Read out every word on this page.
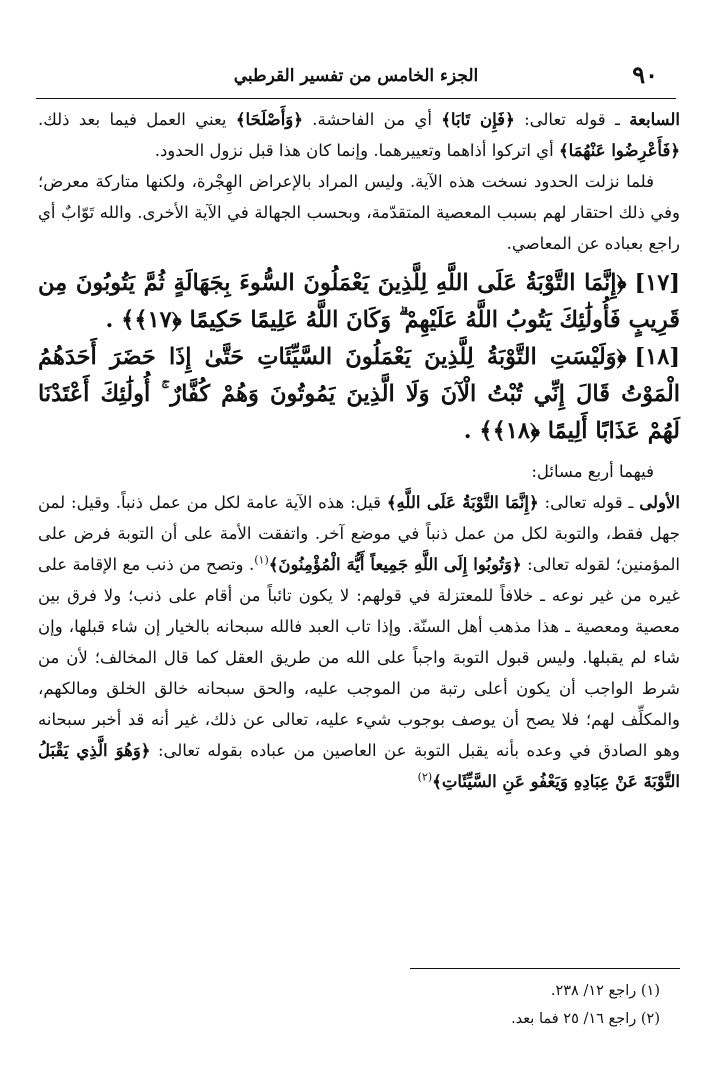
٩٠
الجزء الخامس من تفسير القرطبي

السابعة ـ قوله تعالى: ﴿فَإِن تَابَا﴾ أي من الفاحشة. ﴿وَأَصْلَحَا﴾ يعني العمل فيما بعد ذلك. ﴿فَأَعْرِضُوا عَنْهُمَا﴾ أي اتركوا أذاهما وتعييرهما. وإنما كان هذا قبل نزول الحدود.

فلما نزلت الحدود نسخت هذه الآية. وليس المراد بالإعراض الهِجْرة، ولكنها متاركة معرض؛ وفي ذلك احتقار لهم بسبب المعصية المتقدّمة، وبحسب الجهالة في الآية الأخرى. والله تَوّابٌ أي راجع بعباده عن المعاصي.

[١٧]﴿إِنَّمَا التَّوْبَةُ عَلَى اللَّهِ لِلَّذِينَ يَعْمَلُونَ السُّوءَ بِجَهَالَةٍ ثُمَّ يَتُوبُونَ مِن قَرِيبٍ فَأُولَٰئِكَ يَتُوبُ اللَّهُ عَلَيْهِمْ ۗ وَكَانَ اللَّهُ عَلِيمًا حَكِيمًا ﴿١٧﴾﴾ .

[١٨]﴿وَلَيْسَتِ التَّوْبَةُ لِلَّذِينَ يَعْمَلُونَ السَّيِّئَاتِ حَتَّىٰ إِذَا حَضَرَ أَحَدَهُمُ الْمَوْتُ قَالَ إِنِّي تُبْتُ الْآنَ وَلَا الَّذِينَ يَمُوتُونَ وَهُمْ كُفَّارٌ ۚ أُولَٰئِكَ أَعْتَدْنَا لَهُمْ عَذَابًا أَلِيمًا ﴿١٨﴾﴾ .

فيهما أربع مسائل:

الأولى ـ قوله تعالى: ﴿إِنَّمَا التَّوْبَةُ عَلَى اللَّهِ﴾ قيل: هذه الآية عامة لكل من عمل ذنباً. وقيل: لمن جهل فقط، والتوبة لكل من عمل ذنباً في موضع آخر. واتفقت الأمة على أن التوبة فرض على المؤمنين؛ لقوله تعالى: ﴿وَتُوبُوا إِلَى اللَّهِ جَمِيعاً أَيُّهَ الْمُؤْمِنُونَ﴾$^{(١)}$. وتصح من ذنب مع الإقامة على غيره من غير نوعه ـ خلافاً للمعتزلة في قولهم: لا يكون تائباً من أقام على ذنب؛ ولا فرق بين معصية ومعصية ـ هذا مذهب أهل السنّة. وإذا تاب العبد فالله سبحانه بالخيار إن شاء قبلها، وإن شاء لم يقبلها. وليس قبول التوبة واجباً على الله من طريق العقل كما قال المخالف؛ لأن من شرط الواجب أن يكون أعلى رتبة من الموجب عليه، والحق سبحانه خالق الخلق ومالكهم، والمكلِّف لهم؛ فلا يصح أن يوصف بوجوب شيء عليه، تعالى عن ذلك، غير أنه قد أخبر سبحانه وهو الصادق في وعده بأنه يقبل التوبة عن العاصين من عباده بقوله تعالى: ﴿وَهُوَ الَّذِي يَقْبَلُ التَّوْبَةَ عَنْ عِبَادِهِ وَيَعْفُو عَنِ السَّيِّئَاتِ﴾$^{(٢)}$

(١) راجع ١٢/ ٢٣٨.

(٢) راجع ١٦/ ٢٥ فما بعد.
